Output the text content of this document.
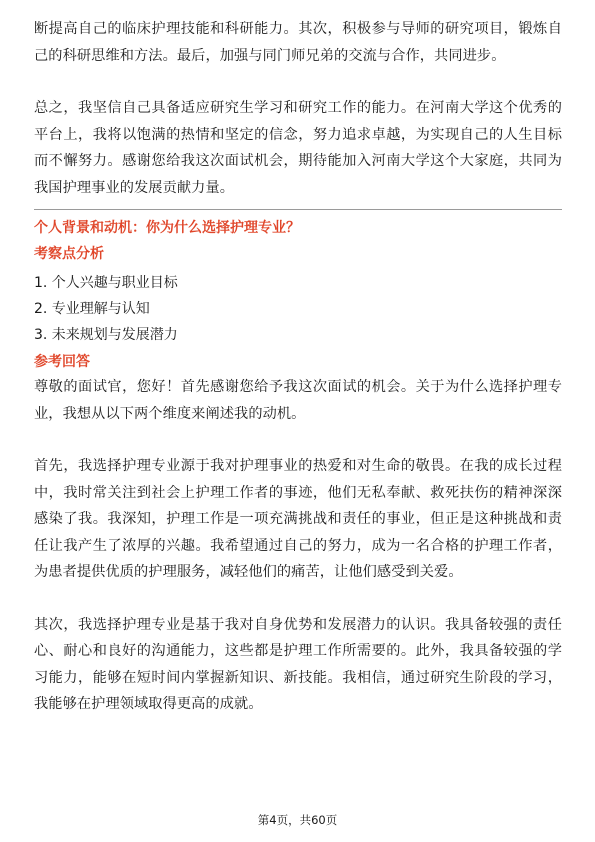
断提高自己的临床护理技能和科研能力。其次，积极参与导师的研究项目，锻炼自己的科研思维和方法。最后，加强与同门师兄弟的交流与合作，共同进步。

总之，我坚信自己具备适应研究生学习和研究工作的能力。在河南大学这个优秀的平台上，我将以饱满的热情和坚定的信念，努力追求卓越，为实现自己的人生目标而不懈努力。感谢您给我这次面试机会，期待能加入河南大学这个大家庭，共同为我国护理事业的发展贡献力量。

个人背景和动机：你为什么选择护理专业？
考察点分析
1. 个人兴趣与职业目标
2. 专业理解与认知
3. 未来规划与发展潜力
参考回答

尊敬的面试官，您好！首先感谢您给予我这次面试的机会。关于为什么选择护理专业，我想从以下两个维度来阐述我的动机。

首先，我选择护理专业源于我对护理事业的热爱和对生命的敬畏。在我的成长过程中，我时常关注到社会上护理工作者的事迹，他们无私奉献、救死扶伤的精神深深感染了我。我深知，护理工作是一项充满挑战和责任的事业，但正是这种挑战和责任让我产生了浓厚的兴趣。我希望通过自己的努力，成为一名合格的护理工作者，为患者提供优质的护理服务，减轻他们的痛苦，让他们感受到关爱。

其次，我选择护理专业是基于我对自身优势和发展潜力的认识。我具备较强的责任心、耐心和良好的沟通能力，这些都是护理工作所需要的。此外，我具备较强的学习能力，能够在短时间内掌握新知识、新技能。我相信，通过研究生阶段的学习，我能够在护理领域取得更高的成就。

第4页，共60页
